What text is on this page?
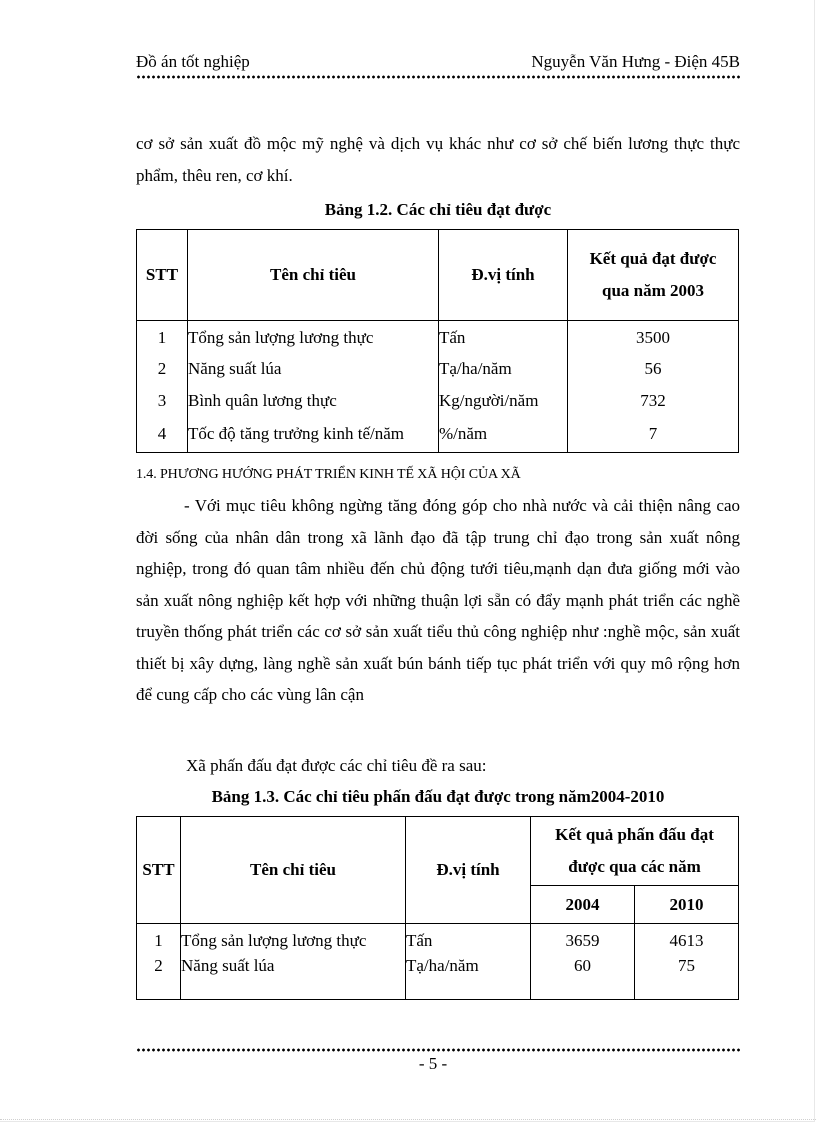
Đồ án tốt nghiệp	Nguyễn Văn Hưng - Điện 45B

cơ sở sản xuất đồ mộc mỹ nghệ và dịch vụ khác như cơ sở chế biến lương thực thực phẩm, thêu ren, cơ khí.

Bảng 1.2. Các chỉ tiêu đạt được

STT	Tên chỉ tiêu	Đ.vị tính	Kết quả đạt được
qua năm 2003

1	Tổng sản lượng lương thực	Tấn	3500
2	Năng suất lúa	Tạ/ha/năm	56
3	Bình quân lương thực	Kg/người/năm	732
4	Tốc độ tăng trưởng kinh tế/năm	%/năm	7
1.4. PHƯƠNG HƯỚNG PHÁT TRIỂN KINH TẾ XÃ HỘI CỦA XÃ

- Với mục tiêu không ngừng tăng đóng góp cho nhà nước và cải thiện nâng cao đời sống của nhân dân trong xã lãnh đạo đã tập trung chỉ đạo trong sản xuất nông nghiệp, trong đó quan tâm nhiều đến chủ động tưới tiêu,mạnh dạn đưa giống mới vào sản xuất nông nghiệp kết hợp với những thuận lợi sẵn có đẩy mạnh phát triển các nghề truyền thống phát triển các cơ sở sản xuất tiểu thủ công nghiệp như :nghề mộc, sản xuất thiết bị xây dựng, làng nghề sản xuất bún bánh tiếp tục phát triển với quy mô rộng hơn để cung cấp cho các vùng lân cận

Xã phấn đấu đạt được các chỉ tiêu đề ra sau:

Bảng 1.3. Các chỉ tiêu phấn đấu đạt được trong năm2004-2010

STT	Tên chỉ tiêu	Đ.vị tính	Kết quả phấn đấu đạt
được qua các năm	

			2004	2010
1	Tổng sản lượng lương thực	Tấn	3659	4613
2	Năng suất lúa	Tạ/ha/năm	60	75
- 5 -
